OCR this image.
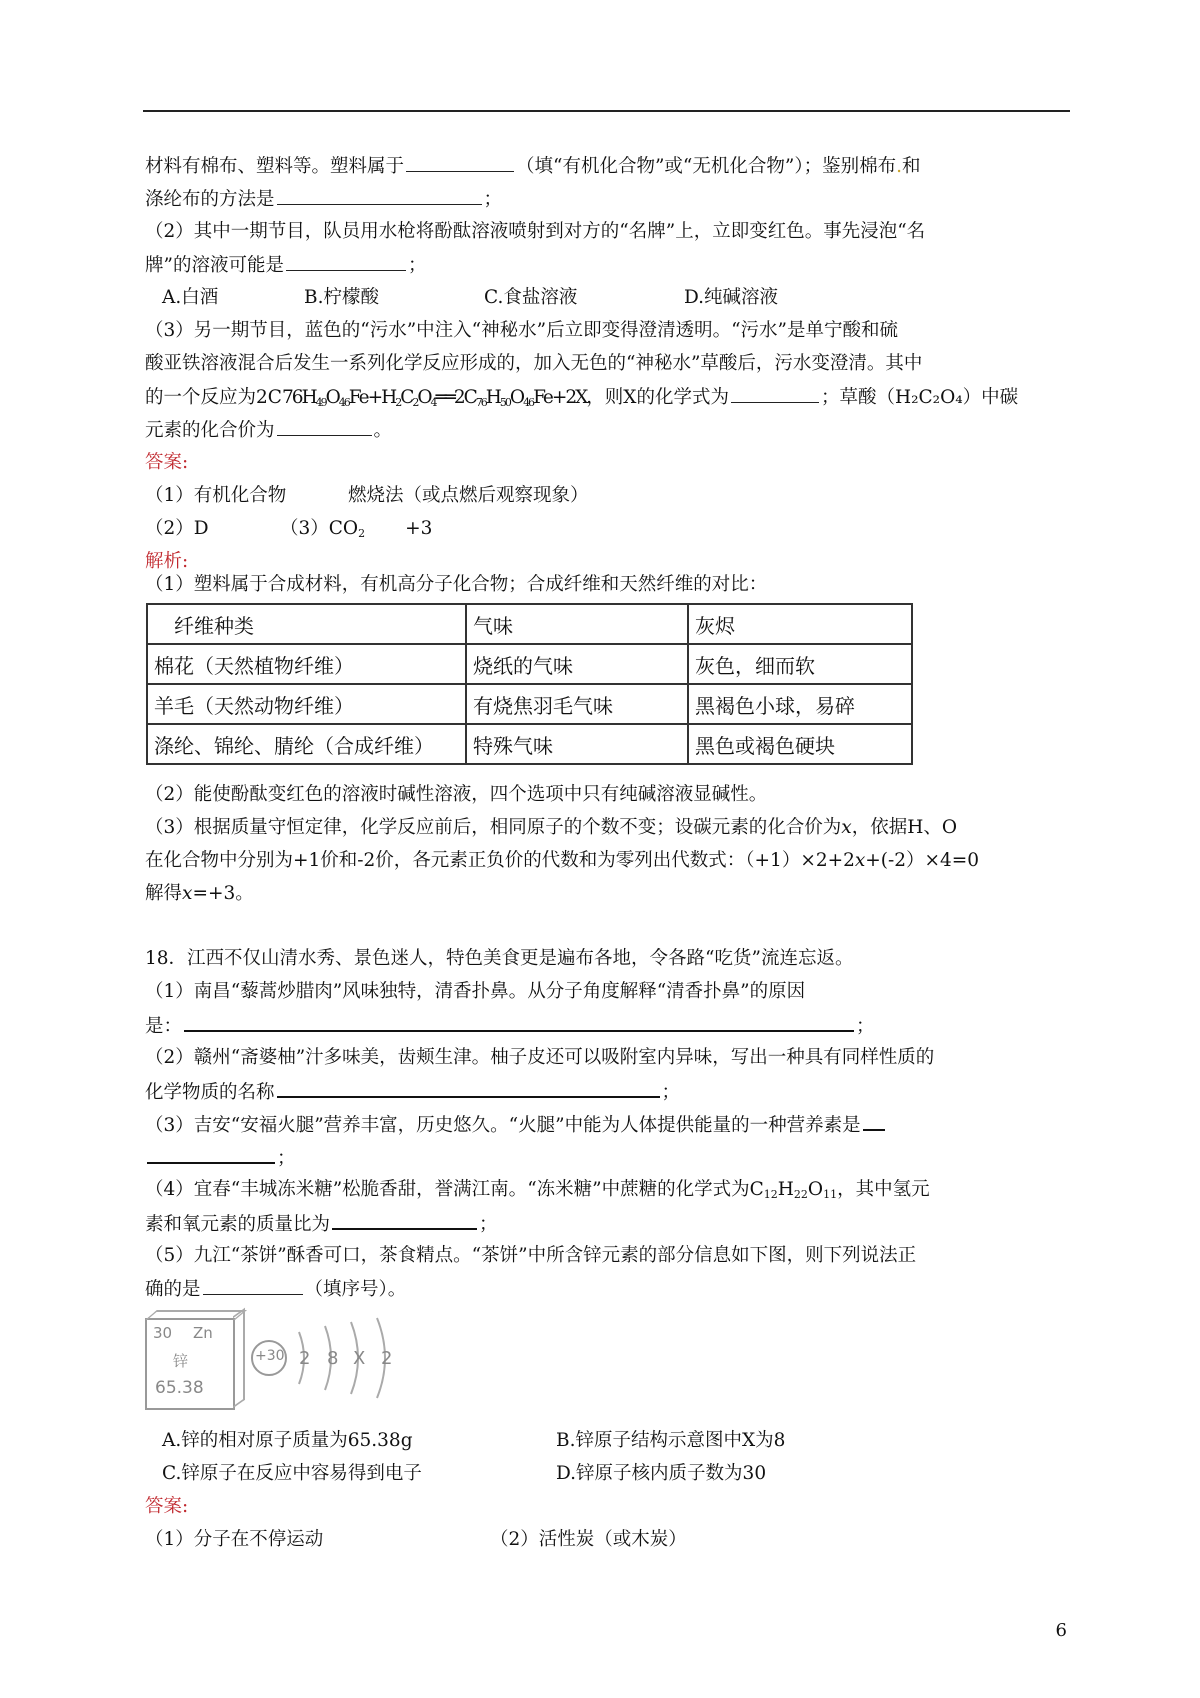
材料有棉布、塑料等。塑料属于	（填“有机化合物”或“无机化合物”）；鉴别棉布.和
涤纶布的方法是	；
（2）其中一期节目，队员用水枪将酚酞溶液喷射到对方的“名牌”上，立即变红色。事先浸泡“名
牌”的溶液可能是	；
A.白酒	B.柠檬酸	C.食盐溶液	D.纯碱溶液
（3）另一期节目，蓝色的“污水”中注入“神秘水”后立即变得澄清透明。“污水”是单宁酸和硫
酸亚铁溶液混合后发生一系列化学反应形成的，加入无色的“神秘水”草酸后，污水变澄清。其中
的一个反应为$2C76H_{49}O_{46}Fe+H_2C_2O_4══2C_{76}H_{50}O_{46}Fe+2X$，则X的化学式为	；草酸（H₂C₂O₄）中碳
元素的化合价为	。
答案:
（1）有机化合物	燃烧法（或点燃后观察现象）
（2）D	$(3)CO_2 +3$
解析:
（1）塑料属于合成材料，有机高分子化合物；合成纤维和天然纤维的对比：
纤维种类	气味	灰烬
棉花（天然植物纤维）	烧纸的气味	灰色，细而软
羊毛（天然动物纤维）	有烧焦羽毛气味	黑褐色小球，易碎
涤纶、锦纶、腈纶（合成纤维）	特殊气味	黑色或褐色硬块
（2）能使酚酞变红色的溶液时碱性溶液，四个选项中只有纯碱溶液显碱性。
（3）根据质量守恒定律，化学反应前后，相同原子的个数不变；设碳元素的化合价为x，依据H、O
在化合物中分别为+1价和-2价，各元素正负价的代数和为零列出代数式：（+1）×2+2x+(-2）×4=0
解得x=+3。
18．江西不仅山清水秀、景色迷人，特色美食更是遍布各地，令各路“吃货”流连忘返。
（1）南昌“藜蒿炒腊肉”风味独特，清香扑鼻。从分子角度解释“清香扑鼻”的原因
是：	；
（2）赣州“斋婆柚”汁多味美，齿颊生津。柚子皮还可以吸附室内异味，写出一种具有同样性质的
化学物质的名称	；
（3）吉安“安福火腿”营养丰富，历史悠久。“火腿”中能为人体提供能量的一种营养素是
；
（4）宜春“丰城冻米糖”松脆香甜，誉满江南。“冻米糖”中蔗糖的化学式为$C_{12}H_{22}O_{11}$，其中氢元
素和氧元素的质量比为	；
（5）九江“茶饼”酥香可口，茶食精点。“茶饼”中所含锌元素的部分信息如下图，则下列说法正
确的是	（填序号）。
30 Zn
锌
65.38
+30 2 8 X 2
A.锌的相对原子质量为65.38g	B.锌原子结构示意图中X为8
C.锌原子在反应中容易得到电子	D.锌原子核内质子数为30
答案:
（1）分子在不停运动	（2）活性炭（或木炭）
6
